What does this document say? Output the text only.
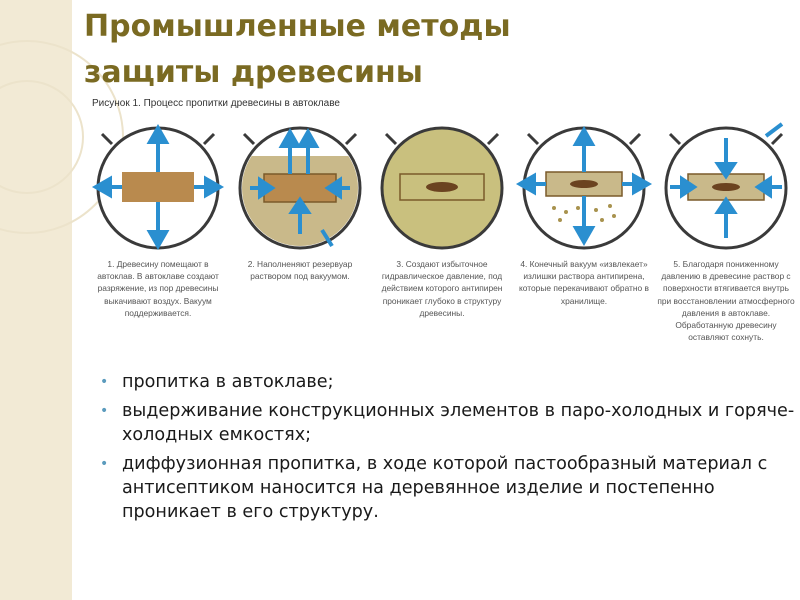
Промышленные методы
защиты древесины
Рисунок 1. Процесс пропитки древесины в автоклаве
1. Древесину помещают в автоклав. В автоклаве создают разряжение, из пор древесины выкачивают воздух. Вакуум поддерживается.
2. Наполненяют резервуар раствором под вакуумом.
3. Создают избыточное гидравлическое давление, под действием которого антипирен проникает глубоко в структуру древесины.
4. Конечный вакуум «извлекает» излишки раствора антипирена, которые перекачивают обратно в хранилище.
5. Благодаря пониженному давлению в древесине раствор с поверхности втягивается внутрь при восстановлении атмосферного давления в автоклаве. Обработанную древесину оставляют сохнуть.
• пропитка в автоклаве;
• выдерживание конструкционных элементов в паро-холодных и горяче-холодных емкостях;
• диффузионная пропитка, в ходе которой пастообразный материал с антисептиком наносится на деревянное изделие и постепенно проникает в его структуру.
